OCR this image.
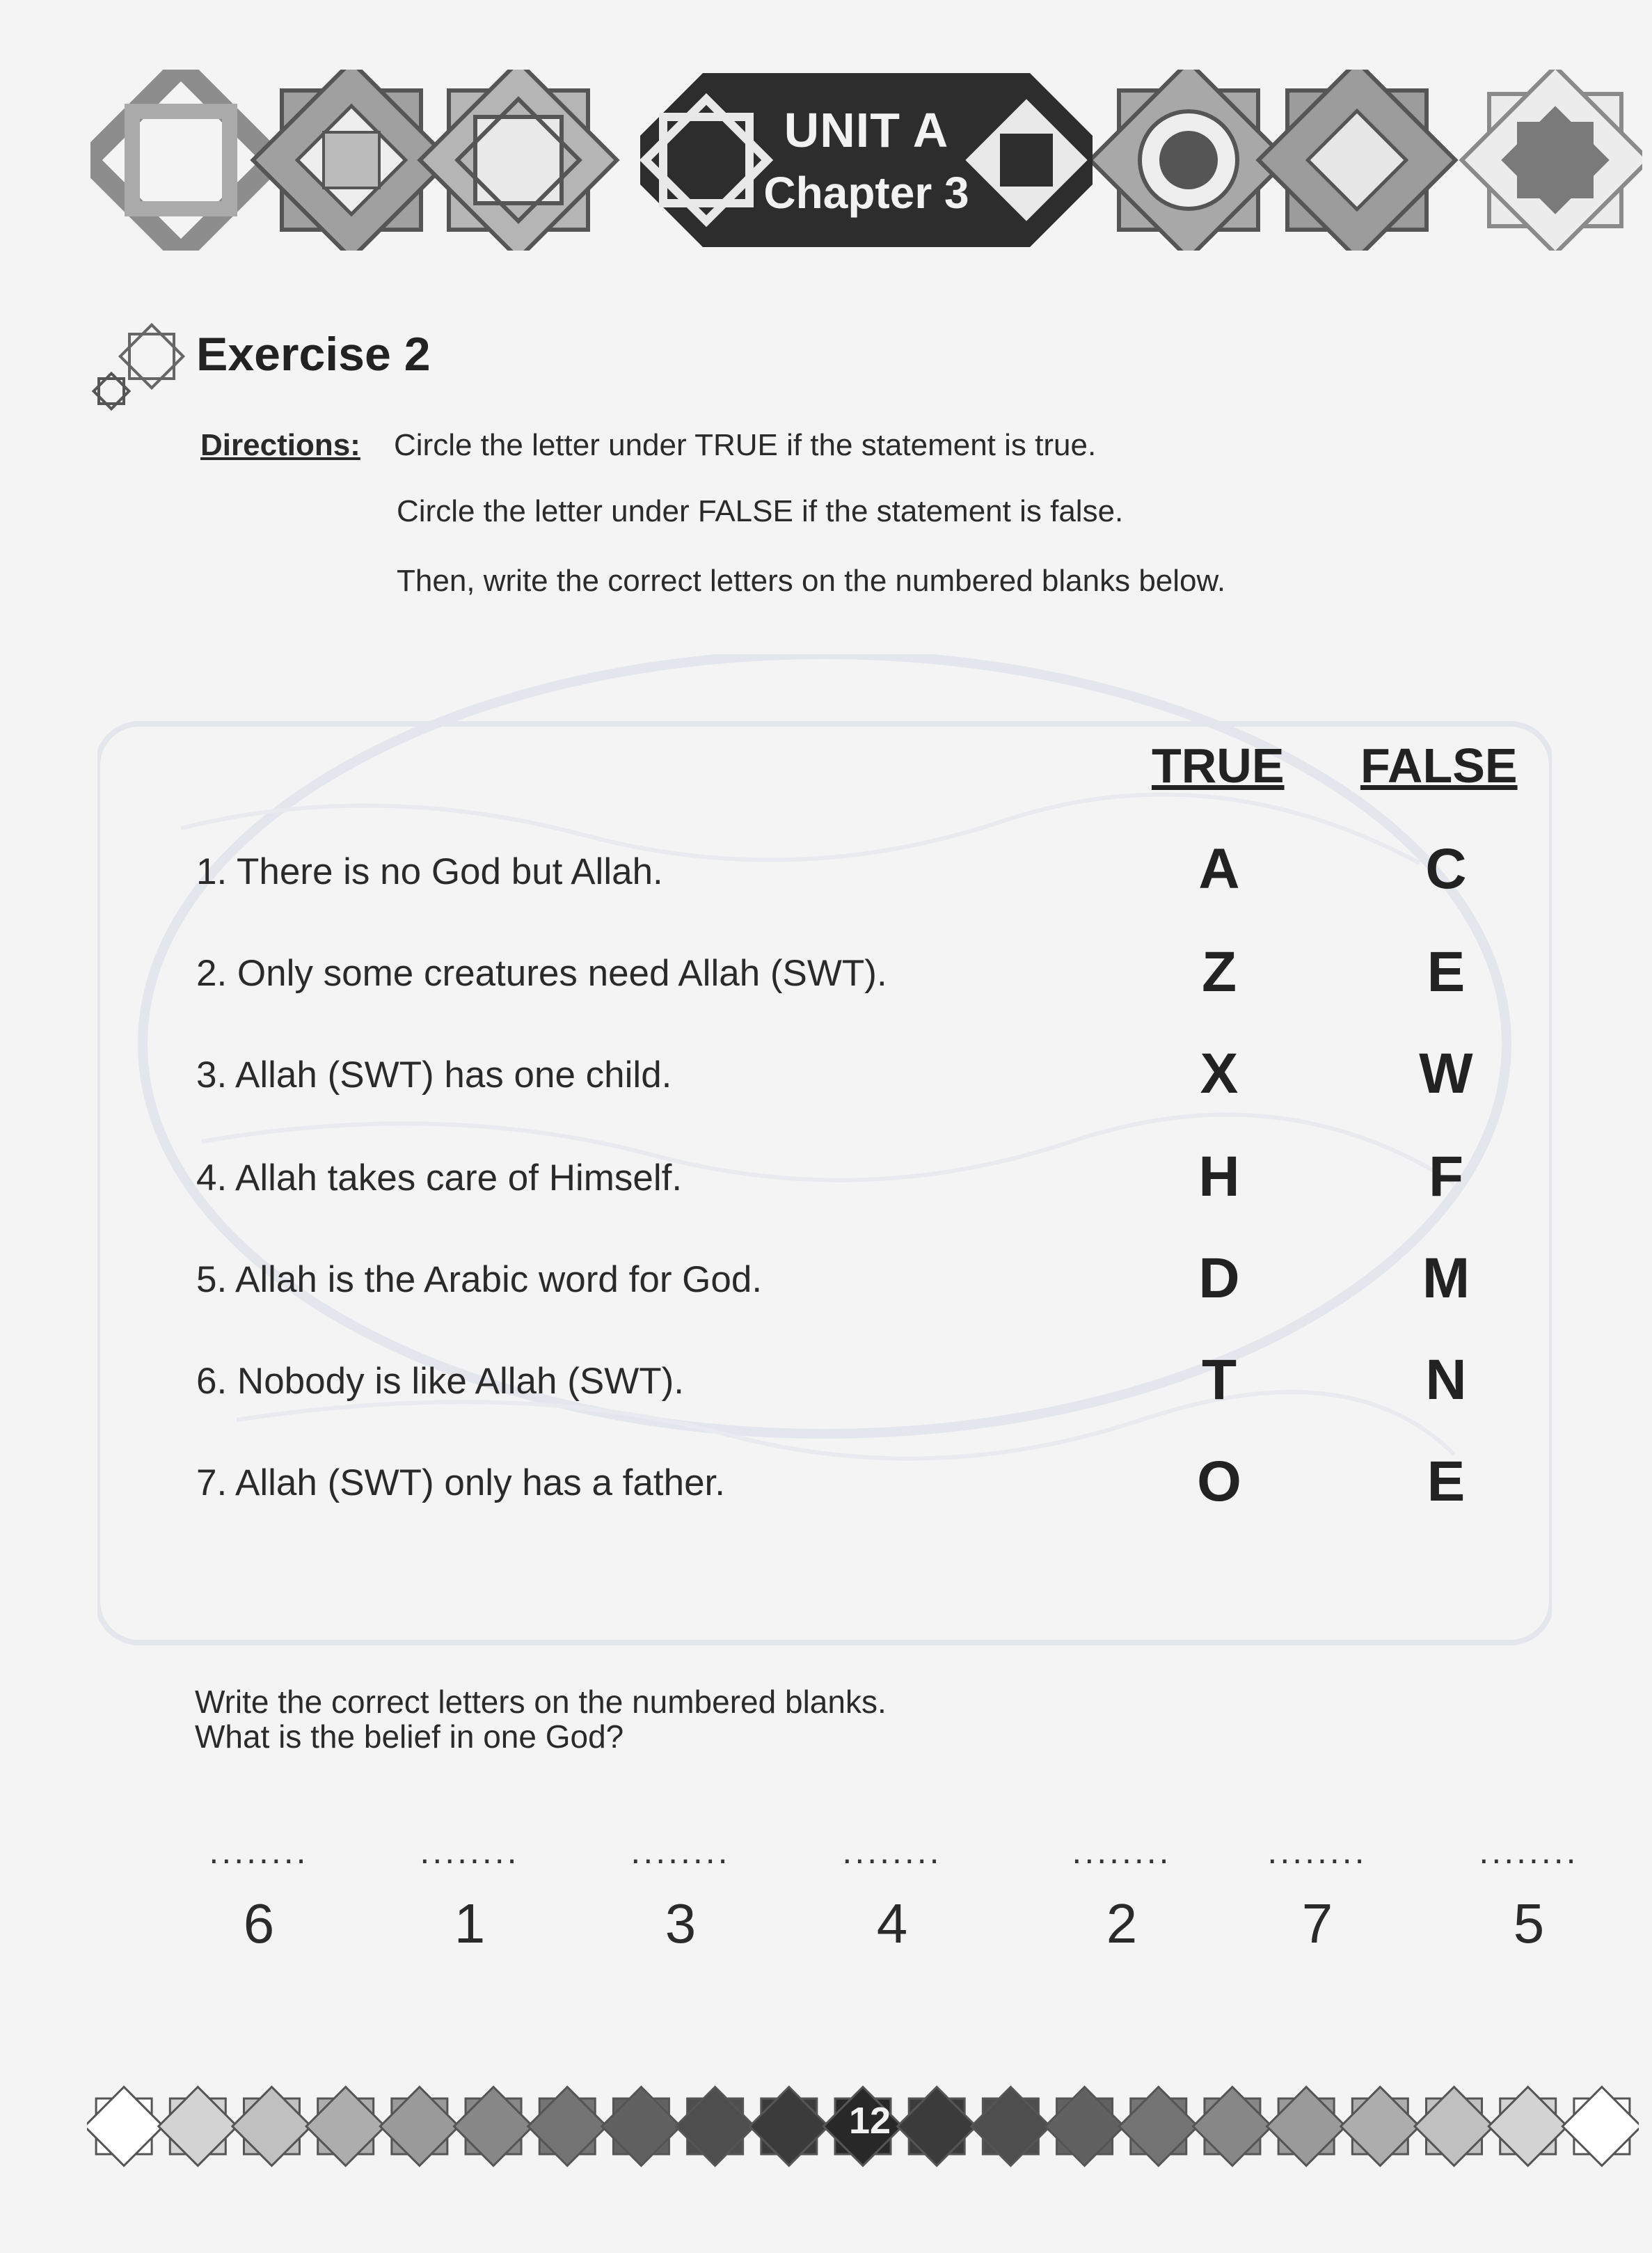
UNIT A
Chapter 3
Exercise 2
Directions: Circle the letter under TRUE if the statement is true.
Circle the letter under FALSE if the statement is false.
Then, write the correct letters on the numbered blanks below.
TRUE FALSE
1. There is no God but Allah.	A	C
2. Only some creatures need Allah (SWT).	Z	E
3. Allah (SWT) has one child.	X	W
4. Allah takes care of Himself.	H	F
5. Allah is the Arabic word for God.	D	M
6. Nobody is like Allah (SWT).	T	N
7. Allah (SWT) only has a father.	O	E
Write the correct letters on the numbered blanks.
What is the belief in one God?
........
6
........
1
........
3
........
4
........
2
........
7
........
5
12
